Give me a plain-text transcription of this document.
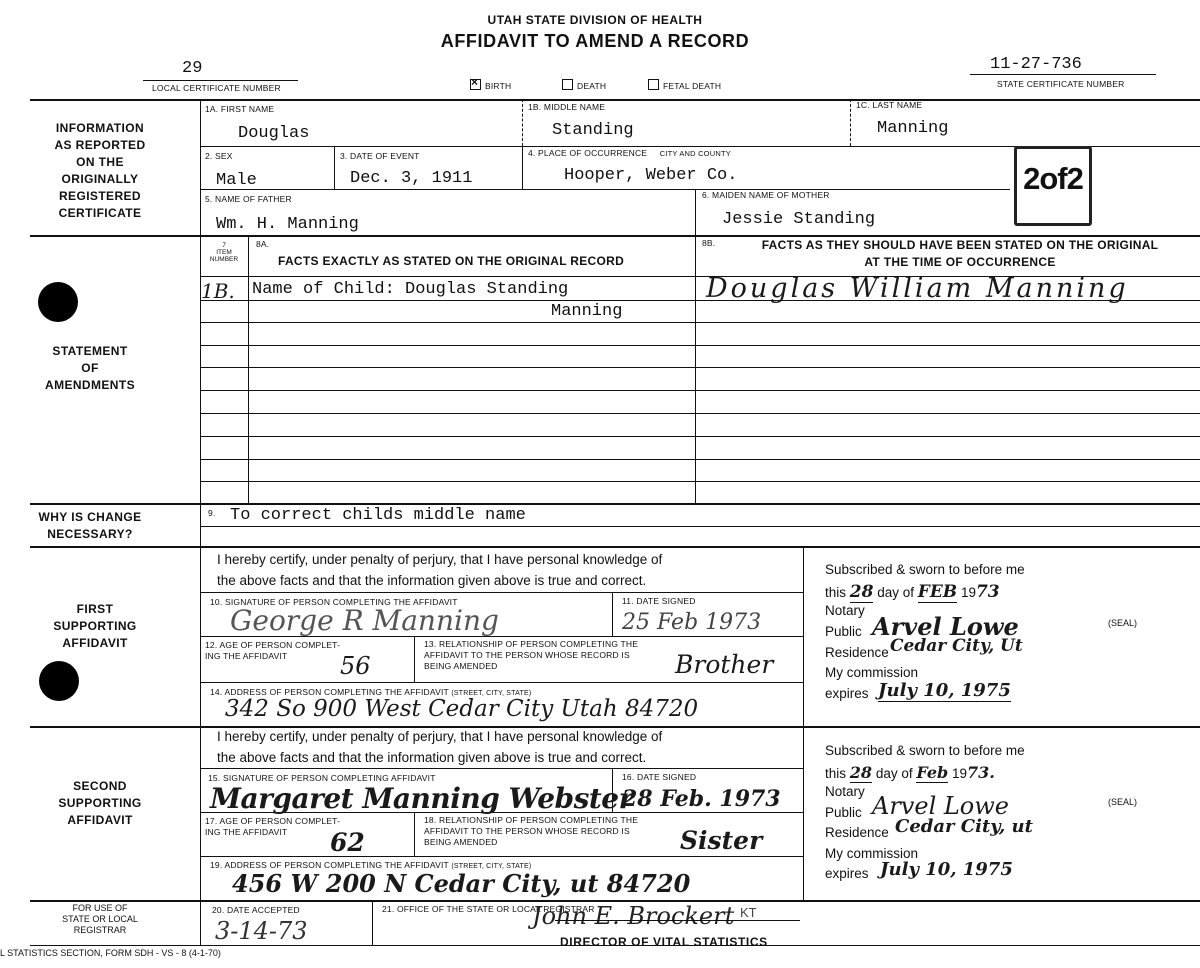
UTAH STATE DIVISION OF HEALTH
AFFIDAVIT TO AMEND A RECORD
29
LOCAL CERTIFICATE NUMBER
11-27-736
STATE CERTIFICATE NUMBER
×BIRTH	DEATH	FETAL DEATH
INFORMATION
AS REPORTED
ON THE
ORIGINALLY
REGISTERED
CERTIFICATE
STATEMENT
OF
AMENDMENTS
WHY IS CHANGE
NECESSARY?
FIRST
SUPPORTING
AFFIDAVIT
SECOND
SUPPORTING
AFFIDAVIT
FOR USE OF
STATE OR LOCAL
REGISTRAR
1A. FIRST NAME
Douglas
1B. MIDDLE NAME
Standing
1C. LAST NAME
Manning
2. SEX
Male
3. DATE OF EVENT
Dec. 3, 1911
4. PLACE OF OCCURRENCE CITY AND COUNTY
Hooper, Weber Co.	2of2
5. NAME OF FATHER
Wm. H. Manning
6. MAIDEN NAME OF MOTHER
Jessie Standing
7
ITEM
NUMBER
8A.
FACTS EXACTLY AS STATED ON THE ORIGINAL RECORD
8B.	FACTS AS THEY SHOULD HAVE BEEN STATED ON THE ORIGINAL
AT THE TIME OF OCCURRENCE
1B. Name of Child: Douglas Standing
Manning
Douglas William Manning
9. To correct childs middle name
I hereby certify, under penalty of perjury, that I have personal knowledge of
the above facts and that the information given above is true and correct.
10. SIGNATURE OF PERSON COMPLETING THE AFFIDAVIT
George R Manning
11. DATE SIGNED
25 Feb 1973
12. AGE OF PERSON COMPLET-
ING THE AFFIDAVIT	56
13. RELATIONSHIP OF PERSON COMPLETING THE
AFFIDAVIT TO THE PERSON WHOSE RECORD IS
BEING AMENDED	Brother
14. ADDRESS OF PERSON COMPLETING THE AFFIDAVIT (STREET, CITY, STATE)
342 So 900 West Cedar City Utah 84720
Subscribed & sworn to before me
this 28 day of FEB 1973
Notary
Public Arvel Lowe	(SEAL)
Residence Cedar City, Ut
My commission
expires July 10, 1975
I hereby certify, under penalty of perjury, that I have personal knowledge of
the above facts and that the information given above is true and correct.
15. SIGNATURE OF PERSON COMPLETING AFFIDAVIT
Margaret Manning Webster
16. DATE SIGNED
28 Feb. 1973
17. AGE OF PERSON COMPLET-
ING THE AFFIDAVIT	62
18. RELATIONSHIP OF PERSON COMPLETING THE
AFFIDAVIT TO THE PERSON WHOSE RECORD IS
BEING AMENDED	Sister
19. ADDRESS OF PERSON COMPLETING THE AFFIDAVIT (STREET, CITY, STATE)
456 W 200 N Cedar City, ut 84720
Subscribed & sworn to before me
this 28 day of Feb 1973.
Notary
Public Arvel Lowe	(SEAL)
Residence Cedar City, ut
My commission
expires July 10, 1975
20. DATE ACCEPTED
3-14-73
21. OFFICE OF THE STATE OR LOCAL REGISTRAR
John E. Brockert KT
DIRECTOR OF VITAL STATISTICS
L STATISTICS SECTION, FORM SDH - VS - 8 (4-1-70)
